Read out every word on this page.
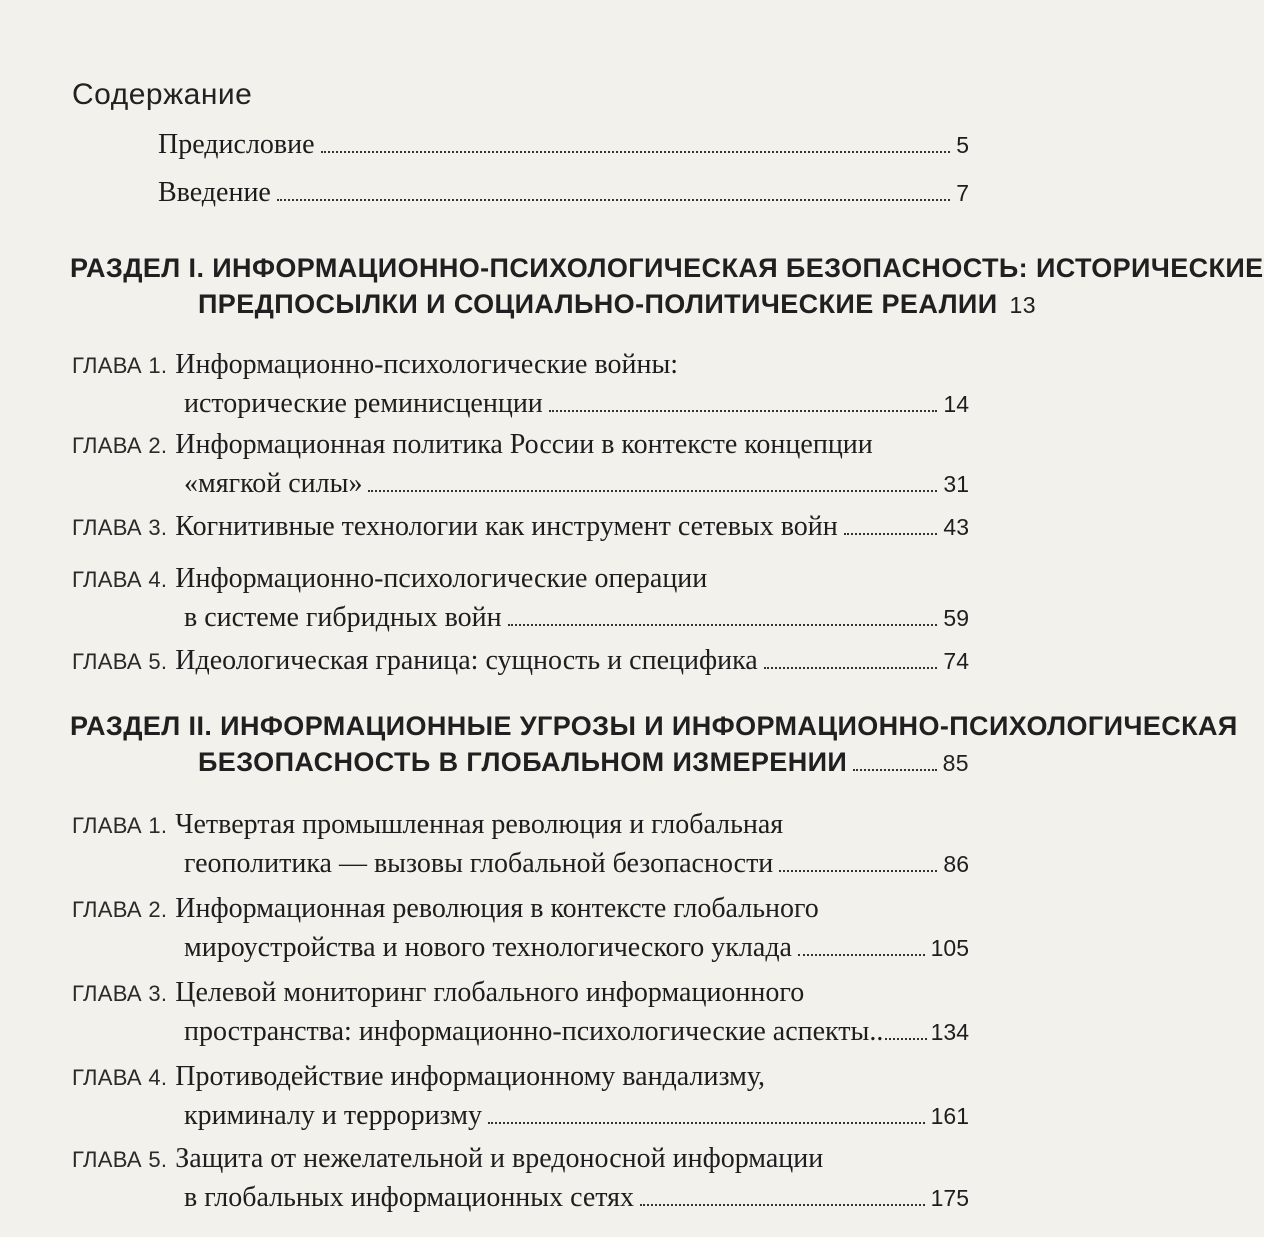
Содержание
Предисловие	5
Введение	7
РАЗДЕЛ I. ИНФОРМАЦИОННО-ПСИХОЛОГИЧЕСКАЯ БЕЗОПАСНОСТЬ: ИСТОРИЧЕСКИЕ
ПРЕДПОСЫЛКИ И СОЦИАЛЬНО-ПОЛИТИЧЕСКИЕ РЕАЛИИ 13
ГЛАВА 1. Информационно-психологические войны:
исторические реминисценции	14
ГЛАВА 2. Информационная политика России в контексте концепции
«мягкой силы»	31
ГЛАВА 3. Когнитивные технологии как инструмент сетевых войн	43
ГЛАВА 4. Информационно-психологические операции
в системе гибридных войн	59
ГЛАВА 5. Идеологическая граница: сущность и специфика	74
РАЗДЕЛ II. ИНФОРМАЦИОННЫЕ УГРОЗЫ И ИНФОРМАЦИОННО-ПСИХОЛОГИЧЕСКАЯ
БЕЗОПАСНОСТЬ В ГЛОБАЛЬНОМ ИЗМЕРЕНИИ	85
ГЛАВА 1. Четвертая промышленная революция и глобальная
геополитика — вызовы глобальной безопасности	86
ГЛАВА 2. Информационная революция в контексте глобального
мироустройства и нового технологического уклада	105
ГЛАВА 3. Целевой мониторинг глобального информационного
пространства: информационно-психологические аспекты.. 134
ГЛАВА 4. Противодействие информационному вандализму,
криминалу и терроризму	161
ГЛАВА 5. Защита от нежелательной и вредоносной информации
в глобальных информационных сетях	175
